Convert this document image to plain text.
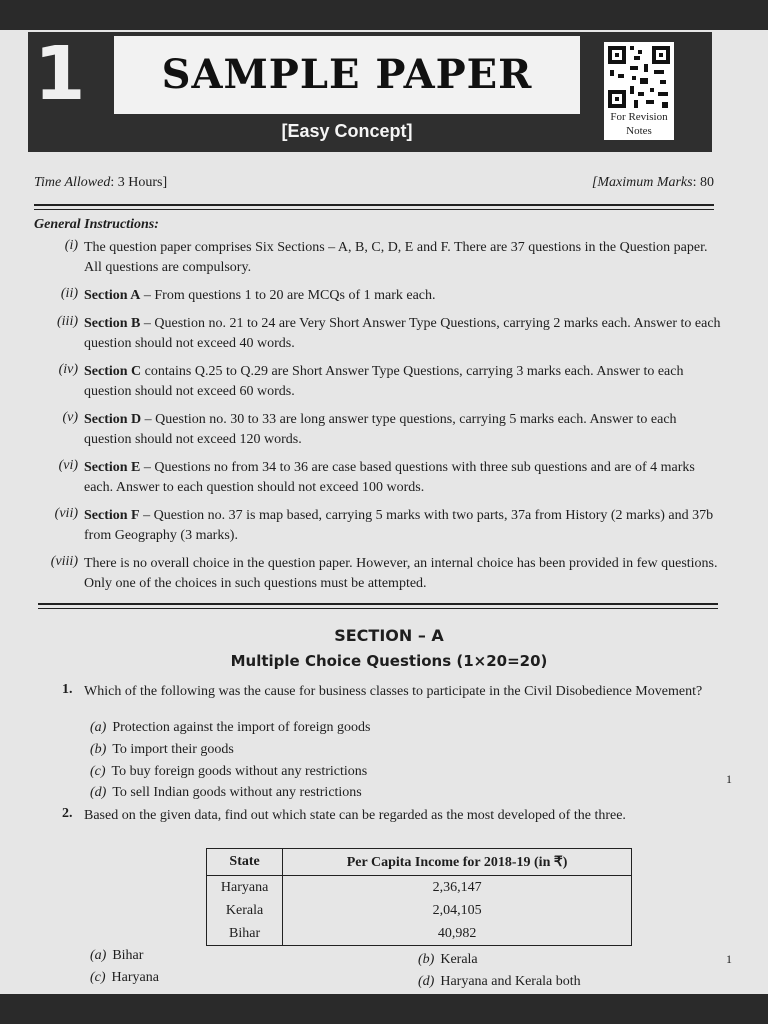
1	SAMPLE PAPER
[Easy Concept]
For Revision Notes
Time Allowed: 3 Hours]	[Maximum Marks: 80
General Instructions:
(i) The question paper comprises Six Sections – A, B, C, D, E and F. There are 37 questions in the Question paper. All questions are compulsory.
(ii) Section A – From questions 1 to 20 are MCQs of 1 mark each.
(iii) Section B – Question no. 21 to 24 are Very Short Answer Type Questions, carrying 2 marks each. Answer to each question should not exceed 40 words.
(iv) Section C contains Q.25 to Q.29 are Short Answer Type Questions, carrying 3 marks each. Answer to each question should not exceed 60 words.
(v) Section D – Question no. 30 to 33 are long answer type questions, carrying 5 marks each. Answer to each question should not exceed 120 words.
(vi) Section E – Questions no from 34 to 36 are case based questions with three sub questions and are of 4 marks each. Answer to each question should not exceed 100 words.
(vii) Section F – Question no. 37 is map based, carrying 5 marks with two parts, 37a from History (2 marks) and 37b from Geography (3 marks).
(viii) There is no overall choice in the question paper. However, an internal choice has been provided in few questions. Only one of the choices in such questions must be attempted.
SECTION – A
Multiple Choice Questions (1×20=20)
1. Which of the following was the cause for business classes to participate in the Civil Disobedience Movement?
(a) Protection against the import of foreign goods
(b) To import their goods
(c) To buy foreign goods without any restrictions
(d) To sell Indian goods without any restrictions
1
2. Based on the given data, find out which state can be regarded as the most developed of the three.
State	Per Capita Income for 2018-19 (in ₹)
Haryana	2,36,147
Kerala	2,04,105
Bihar	40,982
(a) Bihar	(b) Kerala
(c) Haryana	(d) Haryana and Kerala both
1
